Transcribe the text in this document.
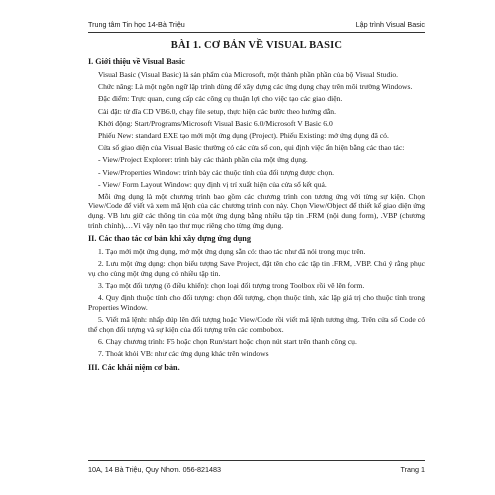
Trung tâm Tin học 14-Bà Triệu	Lập trình Visual Basic
BÀI 1. CƠ BẢN VỀ VISUAL BASIC
I. Giới thiệu về Visual Basic

Visual Basic (Visual Basic) là sản phẩm của Microsoft, một thành phần phần của bộ Visual Studio.

Chức năng: Là một ngôn ngữ lập trình dùng để xây dựng các ứng dụng chạy trên môi trường Windows.

Đặc điểm: Trực quan, cung cấp các công cụ thuận lợi cho việc tạo các giao diện.

Cài đặt: từ đĩa CD VB6.0, chạy file setup, thực hiện các bước theo hướng dẫn.

Khởi động: Start/Programs/Microsoft Visual Basic 6.0/Microsoft V Basic 6.0

Phiếu New: standard EXE tạo mới một ứng dụng (Project). Phiếu Existing: mở ứng dụng đã có.

Cửa sổ giao diện của Visual Basic thường có các cửa sổ con, qui định việc ẩn hiện bằng các thao tác:

- View/Project Explorer: trình bày các thành phần của một ứng dụng.
- View/Properties Window: trình bày các thuộc tính của đối tượng được chọn.
- View/ Form Layout Window: quy định vị trí xuất hiện của cửa sổ kết quả.

Mỗi ứng dụng là một chương trình bao gồm các chương trình con tương ứng với từng sự kiện. Chọn View/Code để viết và xem mã lệnh của các chương trình con này. Chọn View/Object để thiết kế giao diện ứng dụng. VB lưu giữ các thông tin của một ứng dụng bằng nhiều tập tin .FRM (nội dung form), .VBP (chương trình chính),…Vì vậy nên tạo thư mục riêng cho từng ứng dụng.

II. Các thao tác cơ bản khi xây dựng ứng dụng

1. Tạo mới một ứng dụng, mở một ứng dụng sẵn có: thao tác như đã nói trong mục trên.

2. Lưu một ứng dụng: chọn biểu tượng Save Project, đặt tên cho các tập tin .FRM, .VBP. Chú ý rằng phục vụ cho cùng một ứng dụng có nhiều tập tin.

3. Tạo một đối tượng (ô điều khiển): chọn loại đối tượng trong Toolbox rồi vẽ lên form.

4. Quy định thuộc tính cho đối tượng: chọn đối tượng, chọn thuộc tính, xác lập giá trị cho thuộc tính trong Properties Window.

5. Viết mã lệnh: nhấp đúp lên đối tượng hoặc View/Code rồi viết mã lệnh tương ứng. Trên cửa sổ Code có thể chọn đối tượng và sự kiện của đối tượng trên các combobox.

6. Chạy chương trình: F5 hoặc chọn Run/start hoặc chọn nút start trên thanh công cụ.

7. Thoát khỏi VB: như các ứng dụng khác trên windows

III. Các khái niệm cơ bản.
10A, 14 Bà Triệu, Quy Nhơn. 056-821483	Trang 1
